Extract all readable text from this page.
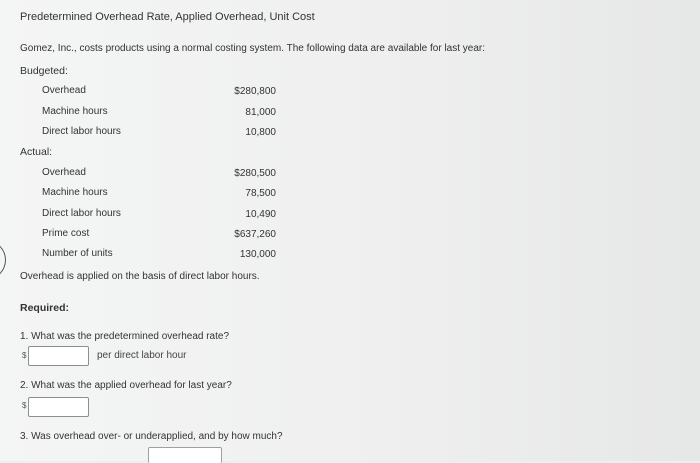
Predetermined Overhead Rate, Applied Overhead, Unit Cost
Gomez, Inc., costs products using a normal costing system. The following data are available for last year:
Budgeted:
Overhead	$280,800
Machine hours	81,000
Direct labor hours	10,800
Actual:
Overhead	$280,500
Machine hours	78,500
Direct labor hours	10,490
Prime cost	$637,260
Number of units	130,000
Overhead is applied on the basis of direct labor hours.
Required:
1. What was the predetermined overhead rate?
$	per direct labor hour
2. What was the applied overhead for last year?
$
3. Was overhead over- or underapplied, and by how much?
